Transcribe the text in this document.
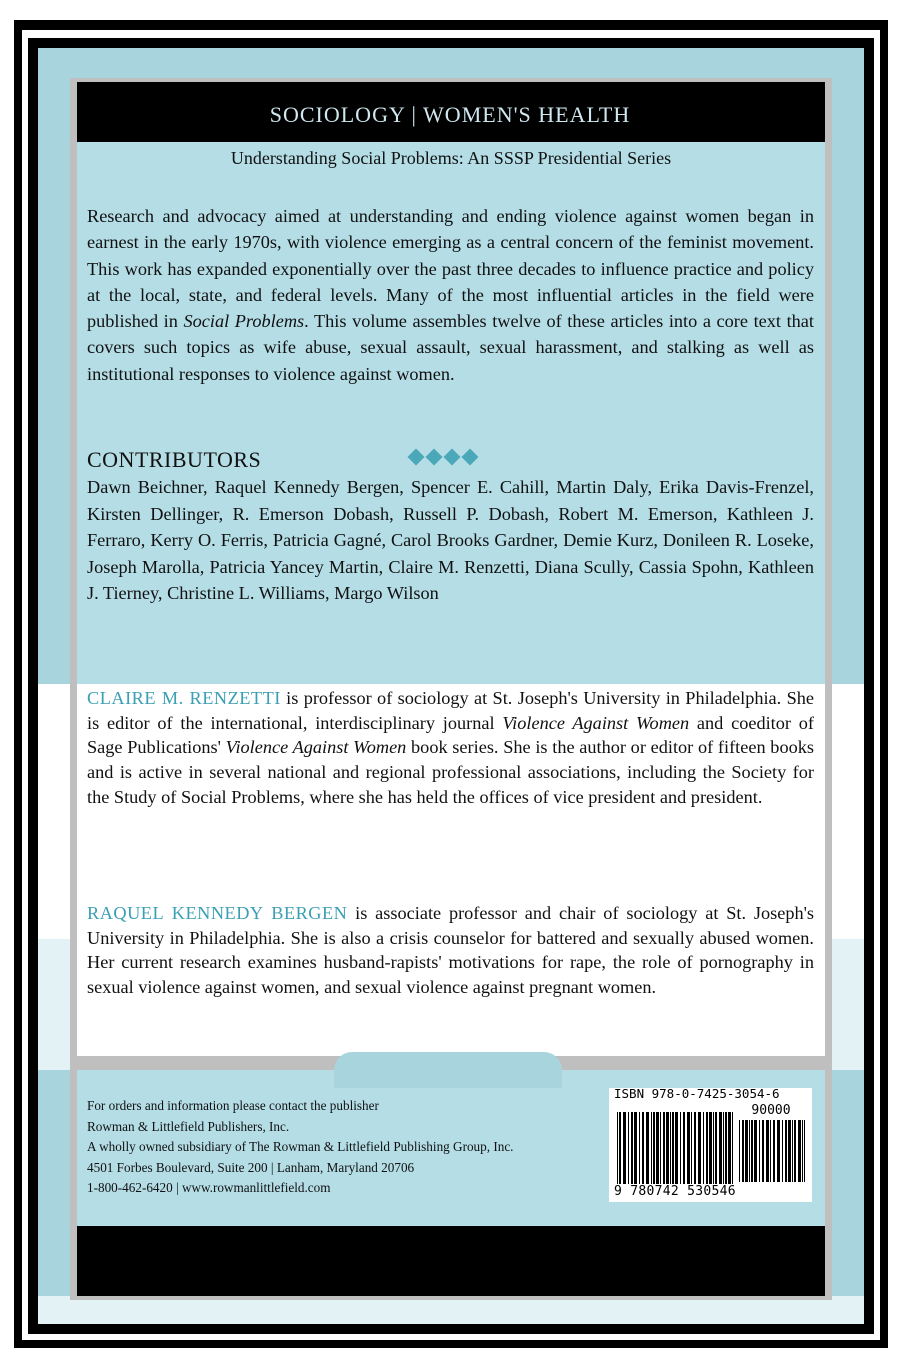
SOCIOLOGY | WOMEN'S HEALTH
Understanding Social Problems: An SSSP Presidential Series
Research and advocacy aimed at understanding and ending violence against women began in earnest in the early 1970s, with violence emerging as a central concern of the feminist movement. This work has expanded exponentially over the past three decades to influence practice and policy at the local, state, and federal levels. Many of the most influential articles in the field were published in Social Problems. This volume assembles twelve of these articles into a core text that covers such topics as wife abuse, sexual assault, sexual harassment, and stalking as well as institutional responses to violence against women.
CONTRIBUTORS
Dawn Beichner, Raquel Kennedy Bergen, Spencer E. Cahill, Martin Daly, Erika Davis-Frenzel, Kirsten Dellinger, R. Emerson Dobash, Russell P. Dobash, Robert M. Emerson, Kathleen J. Ferraro, Kerry O. Ferris, Patricia Gagné, Carol Brooks Gardner, Demie Kurz, Donileen R. Loseke, Joseph Marolla, Patricia Yancey Martin, Claire M. Renzetti, Diana Scully, Cassia Spohn, Kathleen J. Tierney, Christine L. Williams, Margo Wilson
CLAIRE M. RENZETTI is professor of sociology at St. Joseph's University in Philadelphia. She is editor of the international, interdisciplinary journal Violence Against Women and coeditor of Sage Publications' Violence Against Women book series. She is the author or editor of fifteen books and is active in several national and regional professional associations, including the Society for the Study of Social Problems, where she has held the offices of vice president and president.
RAQUEL KENNEDY BERGEN is associate professor and chair of sociology at St. Joseph's University in Philadelphia. She is also a crisis counselor for battered and sexually abused women. Her current research examines husband-rapists' motivations for rape, the role of pornography in sexual violence against women, and sexual violence against pregnant women.
For orders and information please contact the publisher
Rowman & Littlefield Publishers, Inc.
A wholly owned subsidiary of The Rowman & Littlefield Publishing Group, Inc.
4501 Forbes Boulevard, Suite 200 | Lanham, Maryland 20706
1-800-462-6420 | www.rowmanlittlefield.com
ISBN 978-0-7425-3054-6
90000
9 780742 530546
